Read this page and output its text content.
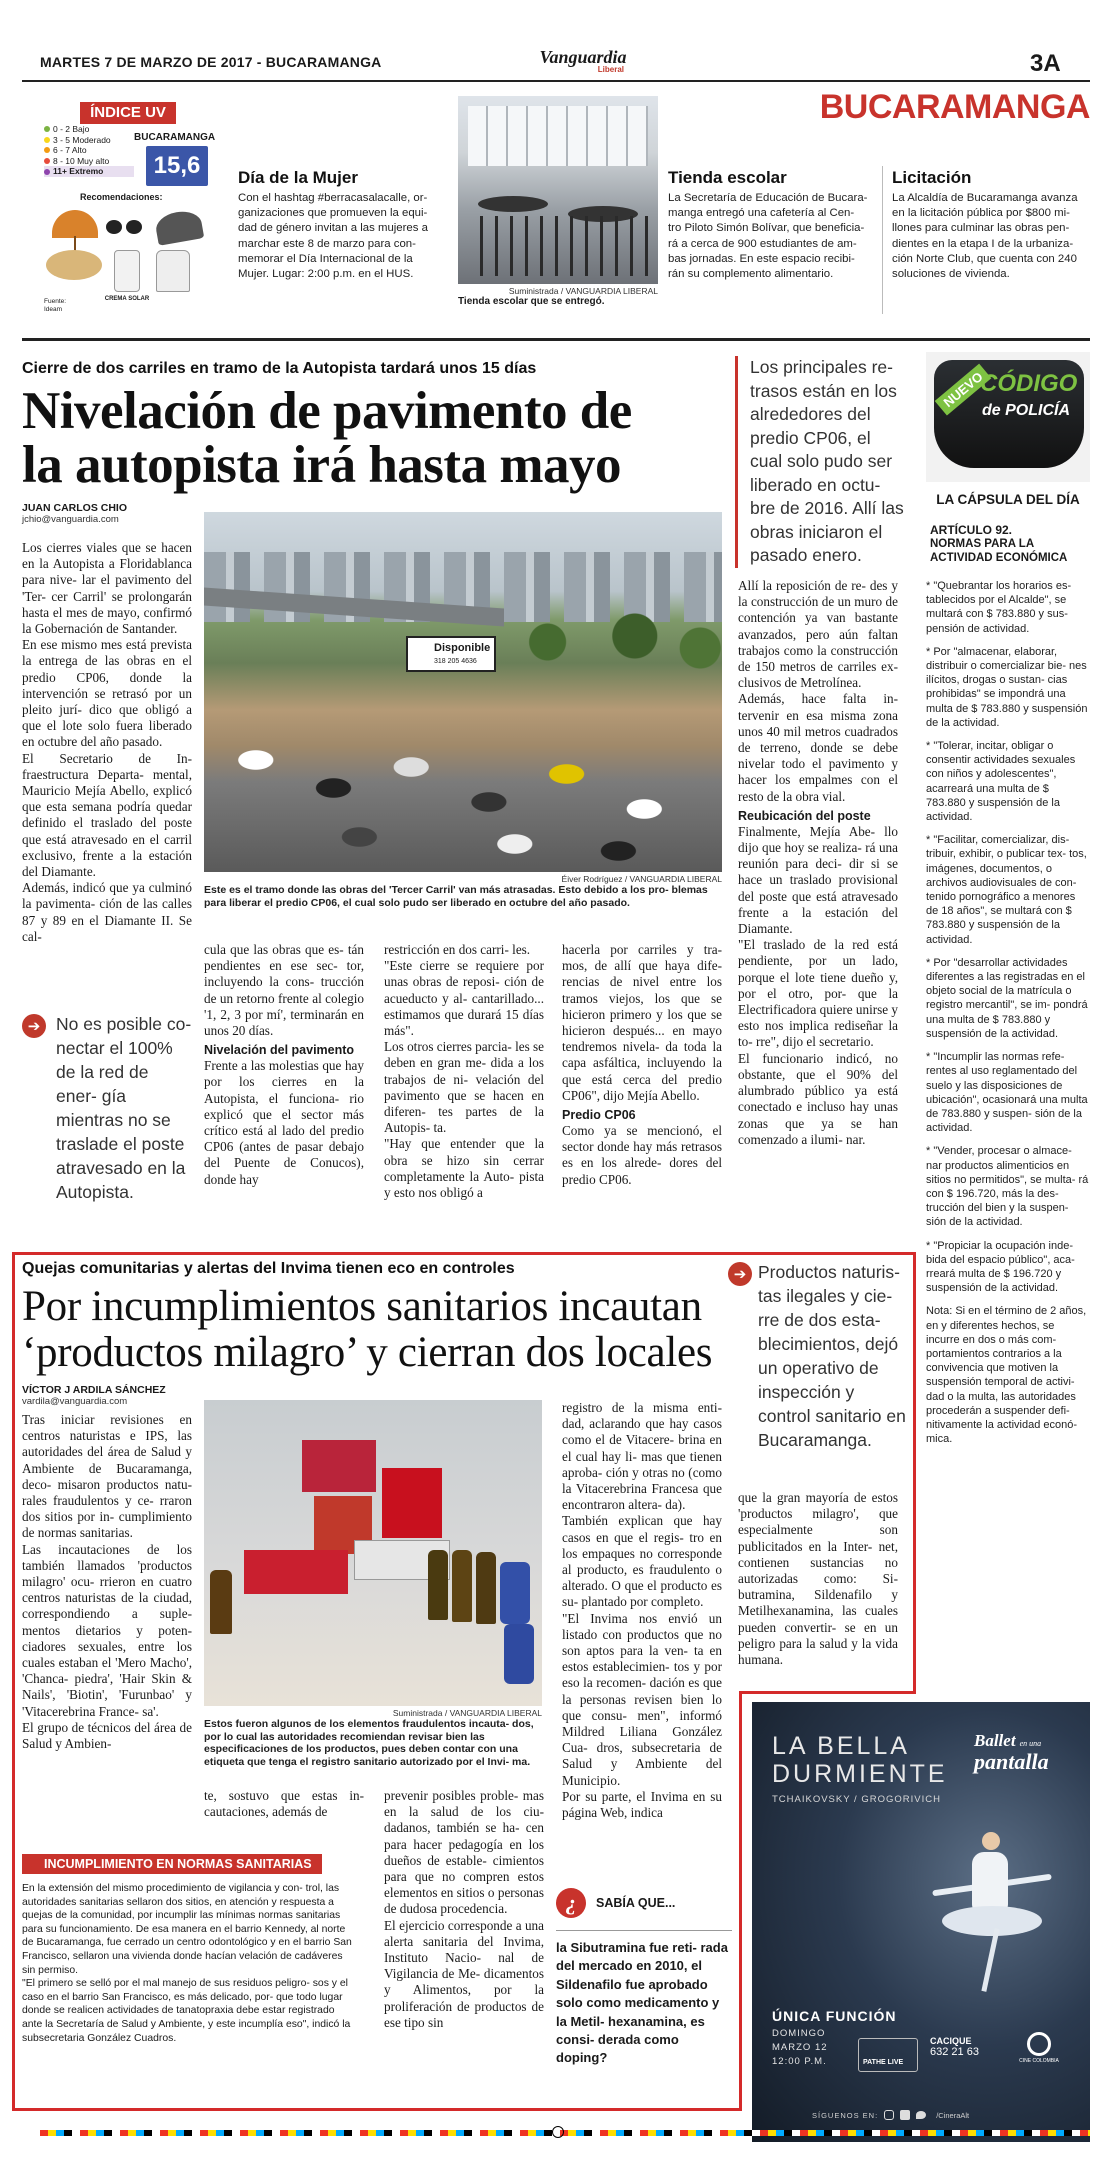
MARTES 7 DE MARZO DE 2017 - BUCARAMANGA	Vanguardia
Liberal	3A
BUCARAMANGA
ÍNDICE UV
0 - 2 Bajo
3 - 5 Moderado
6 - 7 Alto
8 - 10 Muy alto
11+ Extremo
BUCARAMANGA
15,6
Recomendaciones:
CREMA SOLAR
Fuente: Ideam
Día de la Mujer
Con el hashtag #berracasalacalle, or- ganizaciones que promueven la equi- dad de género invitan a las mujeres a marchar este 8 de marzo para con- memorar el Día Internacional de la Mujer. Lugar: 2:00 p.m. en el HUS.
Suministrada / VANGUARDIA LIBERAL
Tienda escolar que se entregó.
Tienda escolar
La Secretaría de Educación de Bucara- manga entregó una cafetería al Cen- tro Piloto Simón Bolívar, que beneficia- rá a cerca de 900 estudiantes de am- bas jornadas. En este espacio recibi- rán su complemento alimentario.
Licitación
La Alcaldía de Bucaramanga avanza en la licitación pública por $800 mi- llones para culminar las obras pen- dientes en la etapa I de la urbaniza- ción Norte Club, que cuenta con 240 soluciones de vivienda.
Cierre de dos carriles en tramo de la Autopista tardará unos 15 días
Nivelación de pavimento de
la autopista irá hasta mayo
JUAN CARLOS CHIO
jchio@vanguardia.com
Disponible
318 205 4636
Éiver Rodríguez / VANGUARDIA LIBERAL
Este es el tramo donde las obras del 'Tercer Carril' van más atrasadas. Esto debido a los pro- blemas para liberar el predio CP06, el cual solo pudo ser liberado en octubre del año pasado.
Los cierres viales que se hacen en la Autopista a Floridablanca para nive- lar el pavimento del 'Ter- cer Carril' se prolongarán hasta el mes de mayo, confirmó la Gobernación de Santander.
En ese mismo mes está prevista la entrega de las obras en el predio CP06, donde la intervención se retrasó por un pleito jurí- dico que obligó a que el lote solo fuera liberado en octubre del año pasado.
El Secretario de In- fraestructura Departa- mental, Mauricio Mejía Abello, explicó que esta semana podría quedar definido el traslado del poste que está atravesado en el carril exclusivo, frente a la estación del Diamante.
Además, indicó que ya culminó la pavimenta- ción de las calles 87 y 89 en el Diamante II. Se cal-
➔ No es posible co- nectar el 100% de la red de ener- gía mientras no se traslade el poste atravesado en la Autopista.
cula que las obras que es- tán pendientes en ese sec- tor, incluyendo la cons- trucción de un retorno frente al colegio '1, 2, 3 por mí', terminarán en unos 20 días.
Nivelación del pavimento
Frente a las molestias que hay por los cierres en la Autopista, el funciona- rio explicó que el sector más crítico está al lado del predio CP06 (antes de pasar debajo del Puente de Conucos), donde hay
restricción en dos carri- les.
"Este cierre se requiere por unas obras de reposi- ción de acueducto y al- cantarillado... estimamos que durará 15 días más".
Los otros cierres parcia- les se deben en gran me- dida a los trabajos de ni- velación del pavimento que se hacen en diferen- tes partes de la Autopis- ta.
"Hay que entender que la obra se hizo sin cerrar completamente la Auto- pista y esto nos obligó a
hacerla por carriles y tra- mos, de allí que haya dife- rencias de nivel entre los tramos viejos, los que se hicieron primero y los que se hicieron después... en mayo tendremos nivela- da toda la capa asfáltica, incluyendo la que está cerca del predio CP06", dijo Mejía Abello.
Predio CP06
Como ya se mencionó, el sector donde hay más retrasos es en los alrede- dores del predio CP06.
Los principales re- trasos están en los alrededores del predio CP06, el cual solo pudo ser liberado en octu- bre de 2016. Allí las obras iniciaron el pasado enero.
Allí la reposición de re- des y la construcción de un muro de contención ya van bastante avanzados, pero aún faltan trabajos como la construcción de 150 metros de carriles ex- clusivos de Metrolínea.
Además, hace falta in- tervenir en esa misma zona unos 40 mil metros cuadrados de terreno, donde se debe nivelar todo el pavimento y hacer los empalmes con el resto de la obra vial.
Reubicación del poste
Finalmente, Mejía Abe- llo dijo que hoy se realiza- rá una reunión para deci- dir si se hace un traslado provisional del poste que está atravesado frente a la estación del Diamante.
"El traslado de la red está pendiente, por un lado, porque el lote tiene dueño y, por el otro, por- que la Electrificadora quiere unirse y esto nos implica rediseñar la to- rre", dijo el secretario.
El funcionario indicó, no obstante, que el 90% del alumbrado público ya está conectado e incluso hay unas zonas que ya se han comenzado a ilumi- nar.
NUEVO
CÓDIGO
de POLICÍA
LA CÁPSULA DEL DÍA
ARTÍCULO 92.
NORMAS PARA LA ACTIVIDAD ECONÓMICA
* "Quebrantar los horarios es- tablecidos por el Alcalde", se multará con $ 783.880 y sus- pensión de actividad.
* Por "almacenar, elaborar, distribuir o comercializar bie- nes ilícitos, drogas o sustan- cias prohibidas" se impondrá una multa de $ 783.880 y suspensión de la actividad.
* "Tolerar, incitar, obligar o consentir actividades sexuales con niños y adolescentes", acarreará una multa de $ 783.880 y suspensión de la actividad.
* "Facilitar, comercializar, dis- tribuir, exhibir, o publicar tex- tos, imágenes, documentos, o archivos audiovisuales de con- tenido pornográfico a menores de 18 años", se multará con $ 783.880 y suspensión de la actividad.
* Por "desarrollar actividades diferentes a las registradas en el objeto social de la matrícula o registro mercantil", se im- pondrá una multa de $ 783.880 y suspensión de la actividad.
* "Incumplir las normas refe- rentes al uso reglamentado del suelo y las disposiciones de ubicación", ocasionará una multa de 783.880 y suspen- sión de la actividad.
* "Vender, procesar o almace- nar productos alimenticios en sitios no permitidos", se multa- rá con $ 196.720, más la des- trucción del bien y la suspen- sión de la actividad.
* "Propiciar la ocupación inde- bida del espacio público", aca- rreará multa de $ 196.720 y suspensión de la actividad.
Nota: Si en el término de 2 años, en y diferentes hechos, se incurre en dos o más com- portamientos contrarios a la convivencia que motiven la suspensión temporal de activi- dad o la multa, las autoridades procederán a suspender defi- nitivamente la actividad econó- mica.
Quejas comunitarias y alertas del Invima tienen eco en controles
Por incumplimientos sanitarios incautan
‘productos milagro’ y cierran dos locales
VÍCTOR J ARDILA SÁNCHEZ
vardila@vanguardia.com
➔ Productos naturis- tas ilegales y cie- rre de dos esta- blecimientos, dejó un operativo de inspección y control sanitario en Bucaramanga.
Tras iniciar revisiones en centros naturistas e IPS, las autoridades del área de Salud y Ambiente de Bucaramanga, deco- misaron productos natu- rales fraudulentos y ce- rraron dos sitios por in- cumplimiento de normas sanitarias.
Las incautaciones de los también llamados 'productos milagro' ocu- rrieron en cuatro centros naturistas de la ciudad, correspondiendo a suple- mentos dietarios y poten- ciadores sexuales, entre los cuales estaban el 'Mero Macho', 'Chanca- piedra', 'Hair Skin & Nails', 'Biotin', 'Furunbao' y 'Vitacerebrina France- sa'.
El grupo de técnicos del área de Salud y Ambien-
Suministrada / VANGUARDIA LIBERAL
Estos fueron algunos de los elementos fraudulentos incauta- dos, por lo cual las autoridades recomiendan revisar bien las especificaciones de los productos, pues deben contar con una etiqueta que tenga el registro sanitario autorizado por el Invi- ma.
te, sostuvo que estas in- cautaciones, además de
prevenir posibles proble- mas en la salud de los ciu- dadanos, también se ha- cen para hacer pedagogía en los dueños de estable- cimientos para que no compren estos elementos en sitios o personas de dudosa procedencia.
El ejercicio corresponde a una alerta sanitaria del Invima, Instituto Nacio- nal de Vigilancia de Me- dicamentos y Alimentos, por la proliferación de productos de ese tipo sin
registro de la misma enti- dad, aclarando que hay casos como el de Vitacere- brina en el cual hay li- mas que tienen aproba- ción y otras no (como la Vitacerebrina Francesa que encontraron altera- da).
También explican que hay casos en que el regis- tro en los empaques no corresponde al producto, es fraudulento o alterado. O que el producto es su- plantado por completo.
"El Invima nos envió un listado con productos que no son aptos para la ven- ta en estos establecimien- tos y por eso la recomen- dación es que la personas revisen bien lo que consu- men", informó Mildred Liliana González Cua- dros, subsecretaria de Salud y Ambiente del Municipio.
Por su parte, el Invima en su página Web, indica
que la gran mayoría de estos 'productos milagro', que especialmente son publicitados en la Inter- net, contienen sustancias no autorizadas como: Si- butramina, Sildenafilo y Metilhexanamina, las cuales pueden convertir- se en un peligro para la salud y la vida humana.
INCUMPLIMIENTO EN NORMAS SANITARIAS
En la extensión del mismo procedimiento de vigilancia y con- trol, las autoridades sanitarias sellaron dos sitios, en atención y respuesta a quejas de la comunidad, por incumplir las mínimas normas sanitarias para su funcionamiento. De esa manera en el barrio Kennedy, al norte de Bucaramanga, fue cerrado un centro odontológico y en el barrio San Francisco, sellaron una vivienda donde hacían velación de cadáveres sin permiso.
"El primero se selló por el mal manejo de sus residuos peligro- sos y el caso en el barrio San Francisco, es más delicado, por- que todo lugar donde se realicen actividades de tanatopraxia debe estar registrado ante la Secretaría de Salud y Ambiente, y este incumplía eso", indicó la subsecretaria González Cuadros.
¿	SABÍA QUE...
la Sibutramina fue reti- rada del mercado en 2010, el Sildenafilo fue aprobado solo como medicamento y la Metil- hexanamina, es consi- derada como doping?
LA BELLA
DURMIENTE
TCHAIKOVSKY / GROGORIVICH
Ballet en una
pantalla
ÚNICA FUNCIÓN
DOMINGO
MARZO 12
12:00 P.M.	PATHE LIVE
CACIQUE
632 21 63
CINE COLOMBIA
SÍGUENOS EN:	/CineraAlt
